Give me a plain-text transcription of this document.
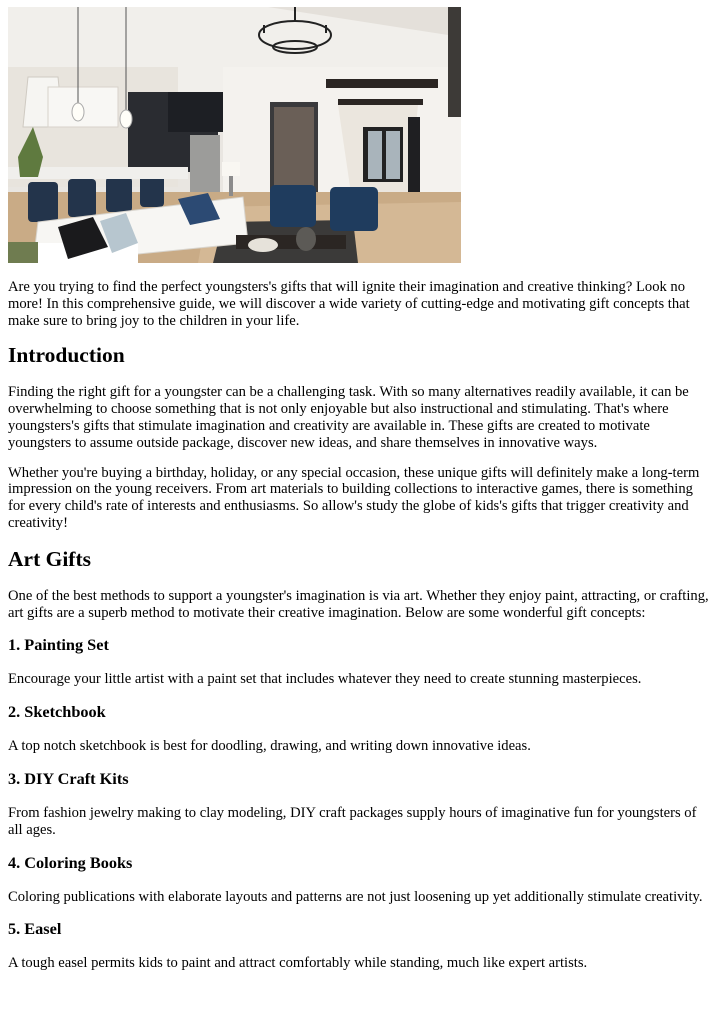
Are you trying to find the perfect youngsters's gifts that will ignite their imagination and creative thinking? Look no more! In this comprehensive guide, we will discover a wide variety of cutting-edge and motivating gift concepts that make sure to bring joy to the children in your life.

Introduction

Finding the right gift for a youngster can be a challenging task. With so many alternatives readily available, it can be overwhelming to choose something that is not only enjoyable but also instructional and stimulating. That's where youngsters's gifts that stimulate imagination and creativity are available in. These gifts are created to motivate youngsters to assume outside package, discover new ideas, and share themselves in innovative ways.

Whether you're buying a birthday, holiday, or any special occasion, these unique gifts will definitely make a long-term impression on the young receivers. From art materials to building collections to interactive games, there is something for every child's rate of interests and enthusiasms. So allow's study the globe of kids's gifts that trigger creativity and creativity!

Art Gifts

One of the best methods to support a youngster's imagination is via art. Whether they enjoy paint, attracting, or crafting, art gifts are a superb method to motivate their creative imagination. Below are some wonderful gift concepts:

1. Painting Set

Encourage your little artist with a paint set that includes whatever they need to create stunning masterpieces.

2. Sketchbook

A top notch sketchbook is best for doodling, drawing, and writing down innovative ideas.

3. DIY Craft Kits

From fashion jewelry making to clay modeling, DIY craft packages supply hours of imaginative fun for youngsters of all ages.

4. Coloring Books

Coloring publications with elaborate layouts and patterns are not just loosening up yet additionally stimulate creativity.

5. Easel

A tough easel permits kids to paint and attract comfortably while standing, much like expert artists.
